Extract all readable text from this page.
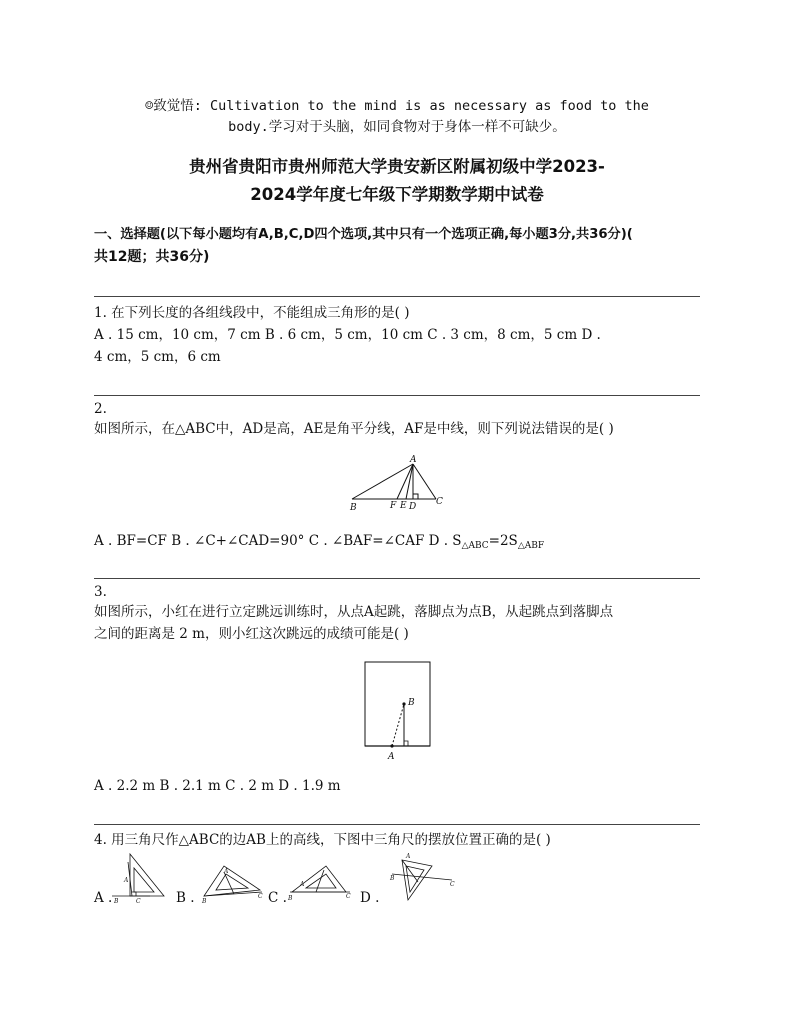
☺致觉悟: Cultivation to the mind is as necessary as food to the
body.学习对于头脑，如同食物对于身体一样不可缺少。
贵州省贵阳市贵州师范大学贵安新区附属初级中学2023-
2024学年度七年级下学期数学期中试卷
一、选择题(以下每小题均有A,B,C,D四个选项,其中只有一个选项正确,每小题3分,共36分)(
共12题；共36分)
1. 在下列长度的各组线段中，不能组成三角形的是( )
A . 15 cm，10 cm，7 cm B . 6 cm，5 cm，10 cm C . 3 cm，8 cm，5 cm D .
4 cm，5 cm，6 cm
2.
如图所示，在△ABC中，AD是高，AE是角平分线，AF是中线，则下列说法错误的是( )
A
B
C
F E D
A . BF=CF B . ∠C+∠CAD=90° C . ∠BAF=∠CAF D . $S_{\triangle ABC}=2S_{\triangle ABF}$
3.
如图所示，小红在进行立定跳远训练时，从点A起跳，落脚点为点B，从起跳点到落脚点
之间的距离是 2 m，则小红这次跳远的成绩可能是( )
B
A
A . 2.2 m B . 2.1 m C . 2 m D . 1.9 m
4. 用三角尺作△ABC的边AB上的高线，下图中三角尺的摆放位置正确的是( )
A .
A
B	C	B .
A
B
C C .
A
B	C D .
A
B
C
